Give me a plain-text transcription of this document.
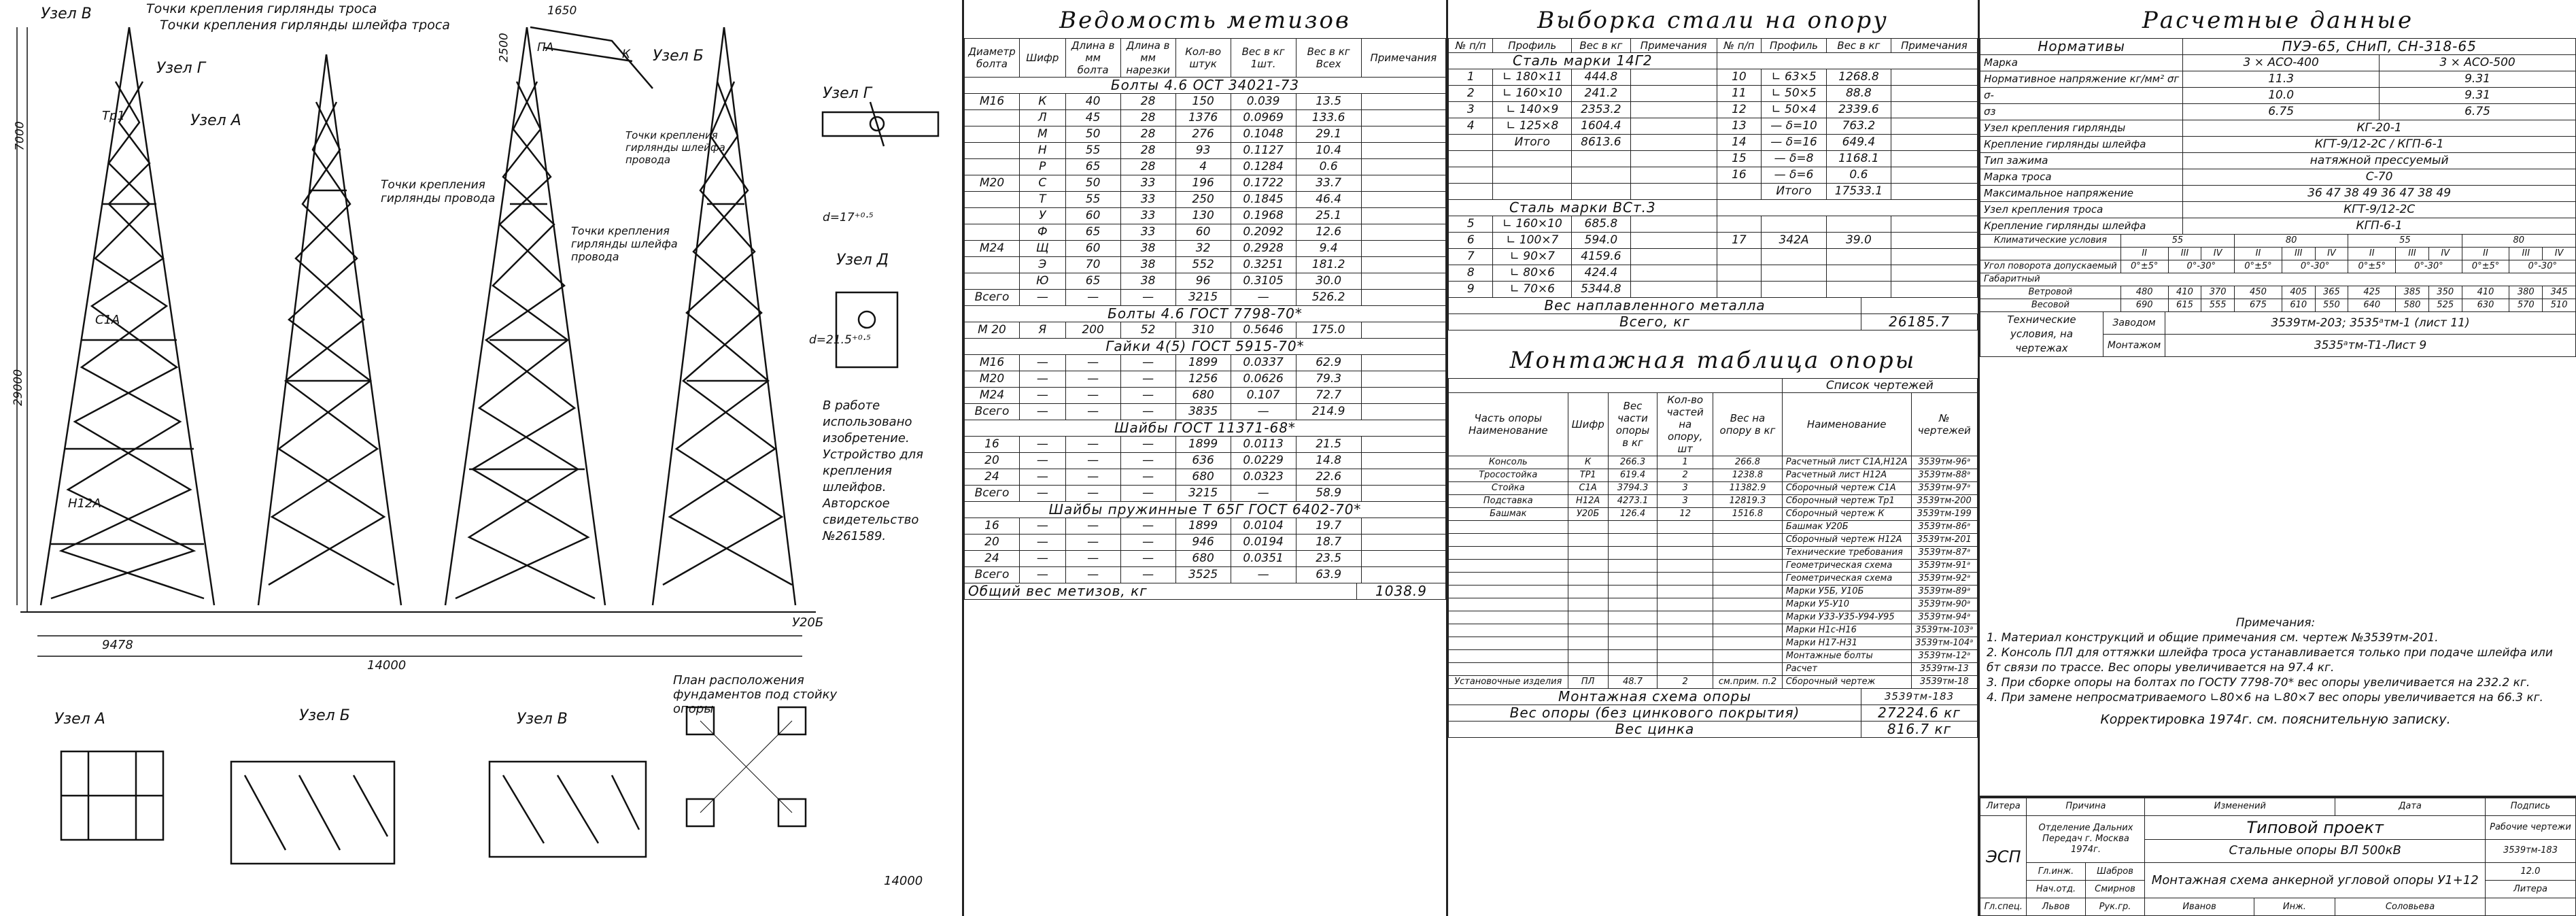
Узел В	Точки крепления гирлянды троса
Точки крепления гирлянды шлейфа троса
Узел Г
Узел А
Узел Б
Точки крепления гирлянды шлейфа провода
Точки крепления гирлянды провода
Точки крепления гирлянды шлейфа провода
ПА	К
Тр1
С1А
Н12А
У20Б
9478
14000
14000
29000
7000
2500
1650
d=17⁺⁰·⁵
d=21.5⁺⁰·⁵
Узел Г
Узел Д
План расположения фундаментов под стойку опоры
Узел А	Узел Б	Узел В
В работе использовано изобретение. Устройство для крепления шлейфов. Авторское свидетельство №261589.
Ведомость метизов
Диаметр болта	Шифр	Длина в мм болта	Длина в мм нарезки	Кол-во штук	Вес в кг 1шт.	Вес в кг Всех	Примечания
Болты 4.6 ОСТ 34021-73							
М16	К	40	28	150	0.039	13.5	
	Л	45	28	1376	0.0969	133.6	
	М	50	28	276	0.1048	29.1	
	Н	55	28	93	0.1127	10.4	
	Р	65	28	4	0.1284	0.6	
М20	С	50	33	196	0.1722	33.7	
	Т	55	33	250	0.1845	46.4	
	У	60	33	130	0.1968	25.1	
	Ф	65	33	60	0.2092	12.6	
М24	Щ	60	38	32	0.2928	9.4	
	Э	70	38	552	0.3251	181.2	
	Ю	65	38	96	0.3105	30.0	
Всего	—	—	—	3215	—	526.2	
Болты 4.6 ГОСТ 7798-70*							
М 20	Я	200	52	310	0.5646	175.0	
Гайки 4(5) ГОСТ 5915-70*							
М16	—	—	—	1899	0.0337	62.9	
М20	—	—	—	1256	0.0626	79.3	
М24	—	—	—	680	0.107	72.7	
Всего	—	—	—	3835	—	214.9	
Шайбы ГОСТ 11371-68*							
16	—	—	—	1899	0.0113	21.5	
20	—	—	—	636	0.0229	14.8	
24	—	—	—	680	0.0323	22.6	
Всего	—	—	—	3215	—	58.9	
Шайбы пружинные Т 65Г ГОСТ 6402-70*							
16	—	—	—	1899	0.0104	19.7	
20	—	—	—	946	0.0194	18.7	
24	—	—	—	680	0.0351	23.5	
Всего	—	—	—	3525	—	63.9	
Общий вес метизов, кг	1038.9
Выборка стали на опору
№ п/п	Профиль	Вес в кг	Примечания	№ п/п	Профиль	Вес в кг	Примечания
Сталь марки 14Г2							
1	∟ 180×11	444.8		10	∟ 63×5	1268.8	
2	∟ 160×10	241.2		11	∟ 50×5	88.8	
3	∟ 140×9	2353.2		12	∟ 50×4	2339.6	
4	∟ 125×8	1604.4		13	— δ=10	763.2	
	Итого	8613.6		14	— δ=16	649.4	
				15	— δ=8	1168.1	
				16	— δ=6	0.6	
					Итого	17533.1	
Сталь марки ВСт.3							
5	∟ 160×10	685.8					
6	∟ 100×7	594.0		17	342А	39.0	
7	∟ 90×7	4159.6					
8	∟ 80×6	424.4					
9	∟ 70×6	5344.8					
Вес наплавленного металла
Всего, кг	26185.7
Монтажная таблица опоры
					Список чертежей	
Часть опоры Наименование	Шифр	Вес части опоры в кг	Кол-во частей на опору, шт	Вес на опору в кг	Наименование	№ чертежей
Консоль	К	266.3	1	266.8	Расчетный лист С1А,Н12А	3539тм-96ᵃ
Тросостойка	ТР1	619.4	2	1238.8	Расчетный лист Н12А	3539тм-88ᵃ
Стойка	С1А	3794.3	3	11382.9	Сборочный чертеж С1А	3539тм-97ᵃ
Подставка	Н12А	4273.1	3	12819.3	Сборочный чертеж Тр1	3539тм-200
Башмак	У20Б	126.4	12	1516.8	Сборочный чертеж К	3539тм-199
					Башмак У20Б	3539тм-86ᵃ
					Сборочный чертеж Н12А	3539тм-201
					Технические требования	3539тм-87ᵃ
					Геометрическая схема	3539тм-91ᵃ
					Геометрическая схема	3539тм-92ᵃ
					Марки У5Б, У10Б	3539тм-89ᵃ
					Марки У5-У10	3539тм-90ᵃ
					Марки У33-У35-У94-У95	3539тм-94ᵃ
					Марки Н1с-Н16	3539тм-103ᵃ
					Марки Н17-Н31	3539тм-104ᵃ
					Монтажные болты	3539тм-12ᵃ
					Расчет	3539тм-13
Установочные изделия	ПЛ	48.7	2	см.прим. п.2	Сборочный чертеж	3539тм-18
Монтажная схема опоры	3539тм-183
Вес опоры (без цинкового покрытия)	27224.6 кг
Вес цинка	816.7 кг
Расчетные данные
Нормативы	ПУЭ-65, СНиП, СН-318-65	
Марка	3 × АСО-400	3 × АСО-500
Нормативное напряжение кг/мм² σг	11.3	9.31
σ-	10.0	9.31
σз	6.75	6.75
Узел крепления гирлянды	КГ-20-1	
Крепление гирлянды шлейфа	КГТ-9/12-2С / КГП-6-1	
Тип зажима	натяжной прессуемый	
Марка троса	С-70	
Максимальное напряжение	36 47 38 49 36 47 38 49	
Узел крепления троса	КГТ-9/12-2С	
Крепление гирлянды шлейфа	КГП-6-1	
Климатические условия	55			80			55			80		
	II	III	IV	II	III	IV	II	III	IV	II	III	IV
Угол поворота допускаемый	0°±5°	0°-30°		0°±5°	0°-30°		0°±5°	0°-30°		0°±5°	0°-30°	
Габаритный												
Ветровой	480	410	370	450	405	365	425	385	350	410	380	345
Весовой	690	615	555	675	610	550	640	580	525	630	570	510
Технические условия, на чертежах	Заводом	3539тм-203; 3535ᵃтм-1 (лист 11)
	Монтажом	3535ᵃтм-Т1-Лист 9
Примечания:
1. Материал конструкций и общие примечания см. чертеж №3539тм-201.
2. Консоль ПЛ для оттяжки шлейфа троса устанавливается только при подаче шлейфа или бт связи по трассе. Вес опоры увеличивается на 97.4 кг.
3. При сборке опоры на болтах по ГОСТУ 7798-70* вес опоры увеличивается на 232.2 кг.
4. При замене непросматриваемого ∟80×6 на ∟80×7 вес опоры увеличивается на 66.3 кг.
Корректировка 1974г. см. пояснительную записку.
Литера	Причина		Изменений		Дата	Подпись
ЭСП	Отделение Дальних Передач г. Москва 1974г.		Типовой проект			Рабочие чертежи
			Стальные опоры ВЛ 500кВ			3539тм-183
	Гл.инж.	Шабров	Монтажная схема анкерной угловой опоры У1+12			12.0
	Нач.отд.	Смирнов				Литера
Гл.спец.	Львов	Рук.гр.	Иванов	Инж.	Соловьева	
